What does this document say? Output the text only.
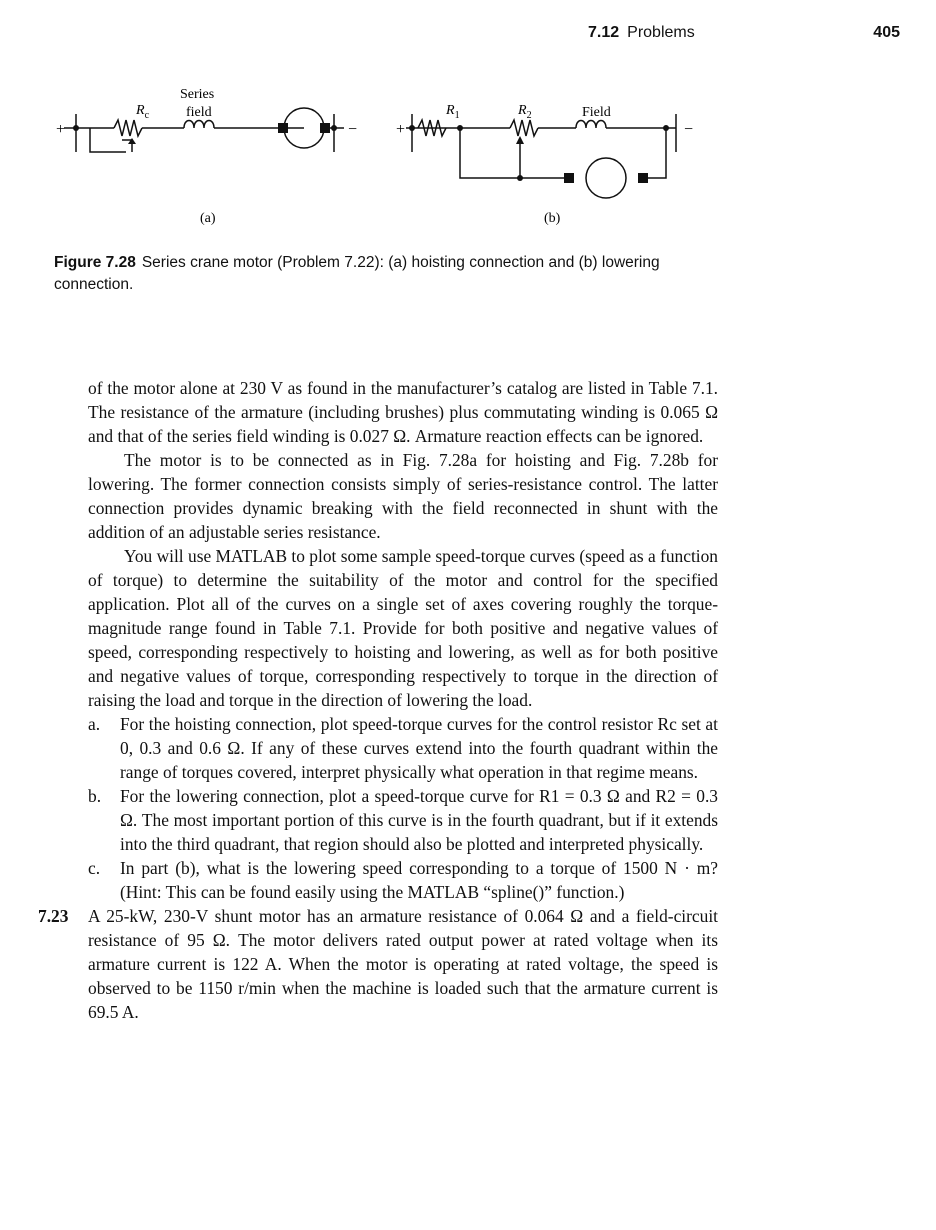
7.12 Problems	405
+	− +	−
Series
field
$R_c$	$R_1$	$R_2$	Field
(a)	(b)
Figure 7.28 Series crane motor (Problem 7.22): (a) hoisting connection and (b) lowering connection.

of the motor alone at 230 V as found in the manufacturer’s catalog are listed in Table 7.1. The resistance of the armature (including brushes) plus commutating winding is 0.065 Ω and that of the series field winding is 0.027 Ω. Armature reaction effects can be ignored.

The motor is to be connected as in Fig. 7.28a for hoisting and Fig. 7.28b for lowering. The former connection consists simply of series-resistance control. The latter connection provides dynamic breaking with the field reconnected in shunt with the addition of an adjustable series resistance.

You will use MATLAB to plot some sample speed-torque curves (speed as a function of torque) to determine the suitability of the motor and control for the specified application. Plot all of the curves on a single set of axes covering roughly the torque-magnitude range found in Table 7.1. Provide for both positive and negative values of speed, corresponding respectively to hoisting and lowering, as well as for both positive and negative values of torque, corresponding respectively to torque in the direction of raising the load and torque in the direction of lowering the load.

a. For the hoisting connection, plot speed-torque curves for the control resistor Rc set at 0, 0.3 and 0.6 Ω. If any of these curves extend into the fourth quadrant within the range of torques covered, interpret physically what operation in that regime means.

b. For the lowering connection, plot a speed-torque curve for R1 = 0.3 Ω and R2 = 0.3 Ω. The most important portion of this curve is in the fourth quadrant, but if it extends into the third quadrant, that region should also be plotted and interpreted physically.

c. In part (b), what is the lowering speed corresponding to a torque of 1500 N · m? (Hint: This can be found easily using the MATLAB “spline()” function.)

7.23 A 25-kW, 230-V shunt motor has an armature resistance of 0.064 Ω and a field-circuit resistance of 95 Ω. The motor delivers rated output power at rated voltage when its armature current is 122 A. When the motor is operating at rated voltage, the speed is observed to be 1150 r/min when the machine is loaded such that the armature current is 69.5 A.
